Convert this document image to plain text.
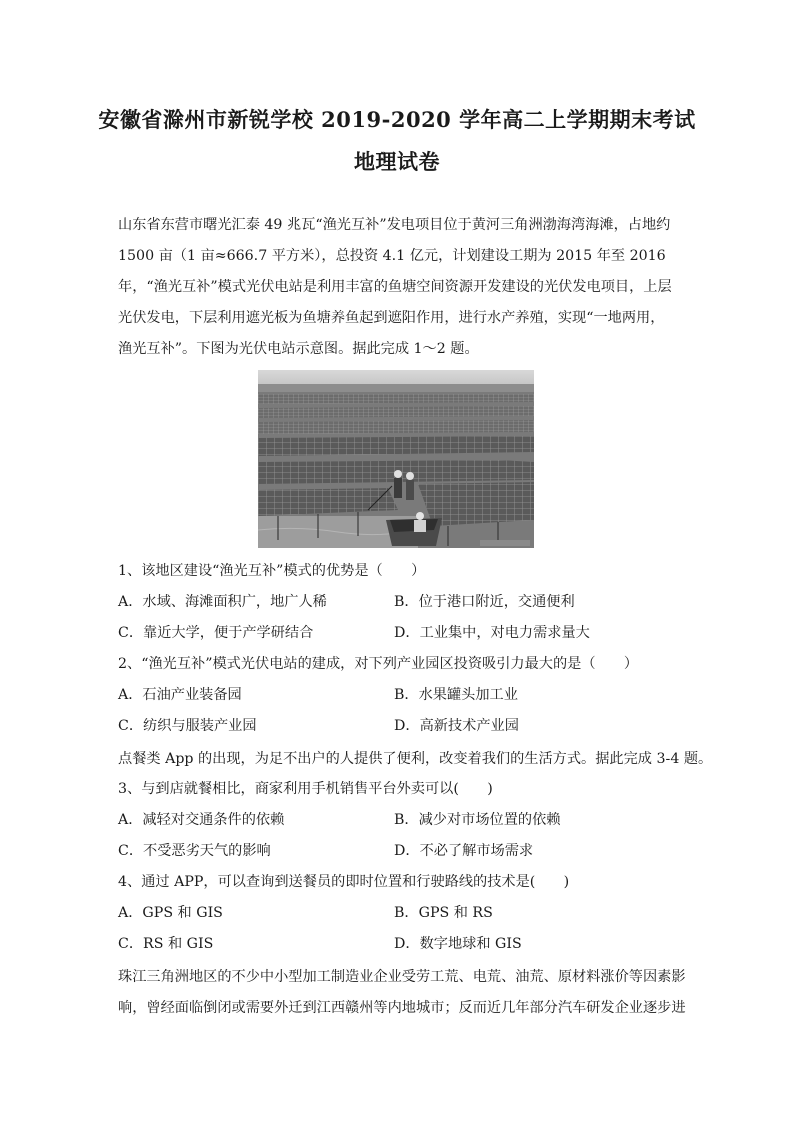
安徽省滁州市新锐学校 2019-2020 学年高二上学期期末考试
地理试卷
山东省东营市曙光汇泰 49 兆瓦“渔光互补”发电项目位于黄河三角洲渤海湾海滩，占地约 1500 亩（1 亩≈666.7 平方米），总投资 4.1 亿元，计划建设工期为 2015 年至 2016 年，“渔光互补”模式光伏电站是利用丰富的鱼塘空间资源开发建设的光伏发电项目，上层光伏发电，下层利用遮光板为鱼塘养鱼起到遮阳作用，进行水产养殖，实现“一地两用，渔光互补”。下图为光伏电站示意图。据此完成 1～2 题。
1、该地区建设“渔光互补”模式的优势是（　　）
A．水域、海滩面积广，地广人稀	B．位于港口附近，交通便利
C．靠近大学，便于产学研结合	D．工业集中，对电力需求量大
2、“渔光互补”模式光伏电站的建成，对下列产业园区投资吸引力最大的是（　　）
A．石油产业装备园	B．水果罐头加工业
C．纺织与服装产业园	D．高新技术产业园
点餐类 App 的出现，为足不出户的人提供了便利，改变着我们的生活方式。据此完成 3-4 题。
3、与到店就餐相比，商家利用手机销售平台外卖可以(　　)
A．减轻对交通条件的依赖	B．减少对市场位置的依赖
C．不受恶劣天气的影响	D．不必了解市场需求
4、通过 APP，可以查询到送餐员的即时位置和行驶路线的技术是(　　)
A．GPS 和 GIS	B．GPS 和 RS
C．RS 和 GIS	D．数字地球和 GIS
珠江三角洲地区的不少中小型加工制造业企业受劳工荒、电荒、油荒、原材料涨价等因素影
响，曾经面临倒闭或需要外迁到江西赣州等内地城市；反而近几年部分汽车研发企业逐步进
